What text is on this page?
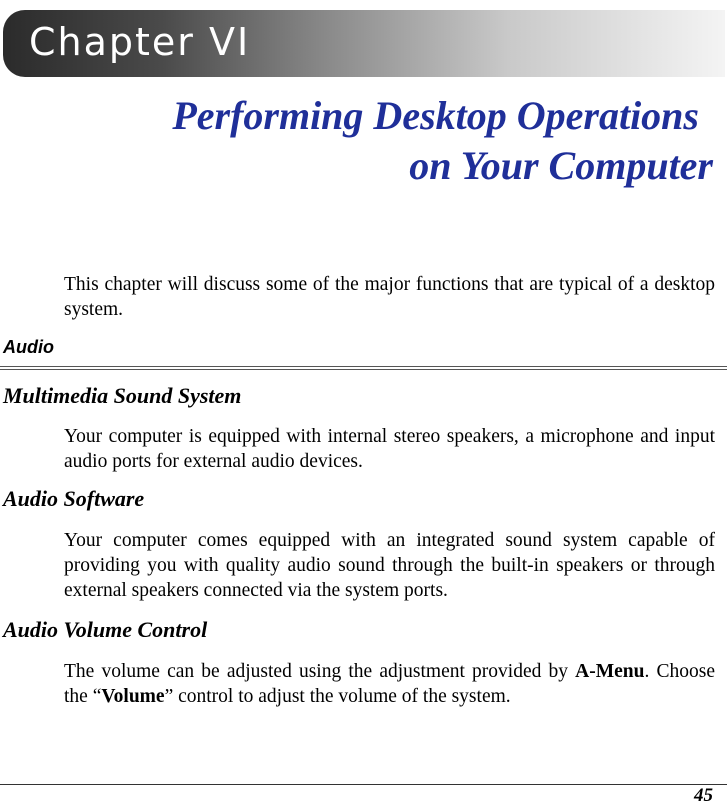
Chapter VI
Performing Desktop Operations
on Your Computer

This chapter will discuss some of the major functions that are typical of a desktop system.

Audio
Multimedia Sound System

Your computer is equipped with internal stereo speakers, a microphone and input audio ports for external audio devices.

Audio Software

Your computer comes equipped with an integrated sound system capable of providing you with quality audio sound through the built-in speakers or through external speakers connected via the system ports.

Audio Volume Control

The volume can be adjusted using the adjustment provided by A-Menu. Choose the “Volume” control to adjust the volume of the system.

45
